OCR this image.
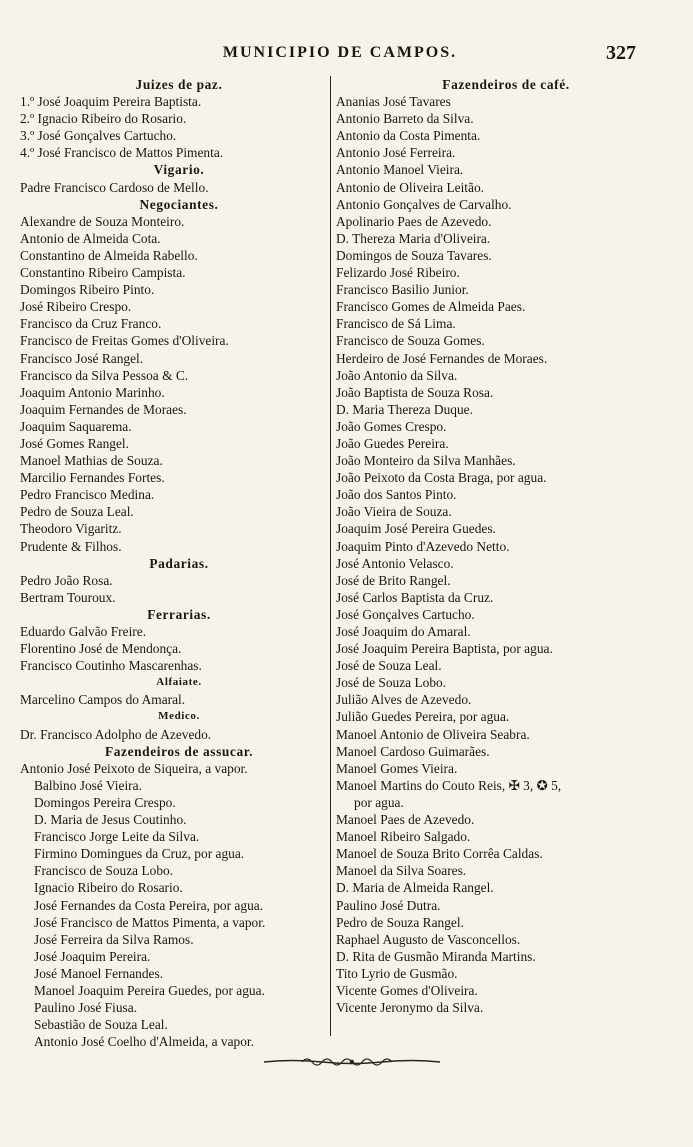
MUNICIPIO DE CAMPOS.	327
Juizes de paz.
1.º José Joaquim Pereira Baptista.
2.º Ignacio Ribeiro do Rosario.
3.º José Gonçalves Cartucho.
4.º José Francisco de Mattos Pimenta.
Vigario.
Padre Francisco Cardoso de Mello.
Negociantes.
Alexandre de Souza Monteiro.
Antonio de Almeida Cota.
Constantino de Almeida Rabello.
Constantino Ribeiro Campista.
Domingos Ribeiro Pinto.
José Ribeiro Crespo.
Francisco da Cruz Franco.
Francisco de Freitas Gomes d'Oliveira.
Francisco José Rangel.
Francisco da Silva Pessoa & C.
Joaquim Antonio Marinho.
Joaquim Fernandes de Moraes.
Joaquim Saquarema.
José Gomes Rangel.
Manoel Mathias de Souza.
Marcilio Fernandes Fortes.
Pedro Francisco Medina.
Pedro de Souza Leal.
Theodoro Vigaritz.
Prudente & Filhos.
Padarias.
Pedro João Rosa.
Bertram Touroux.
Ferrarias.
Eduardo Galvão Freire.
Florentino José de Mendonça.
Francisco Coutinho Mascarenhas.
Alfaiate.
Marcelino Campos do Amaral.
Medico.
Dr. Francisco Adolpho de Azevedo.
Fazendeiros de assucar.
Antonio José Peixoto de Siqueira, a vapor.
Balbino José Vieira.
Domingos Pereira Crespo.
D. Maria de Jesus Coutinho.
Francisco Jorge Leite da Silva.
Firmino Domingues da Cruz, por agua.
Francisco de Souza Lobo.
Ignacio Ribeiro do Rosario.
José Fernandes da Costa Pereira, por agua.
José Francisco de Mattos Pimenta, a vapor.
José Ferreira da Silva Ramos.
José Joaquim Pereira.
José Manoel Fernandes.
Manoel Joaquim Pereira Guedes, por agua.
Paulino José Fiusa.
Sebastião de Souza Leal.
Antonio José Coelho d'Almeida, a vapor.
Fazendeiros de café.
Ananias José Tavares
Antonio Barreto da Silva.
Antonio da Costa Pimenta.
Antonio José Ferreira.
Antonio Manoel Vieira.
Antonio de Oliveira Leitão.
Antonio Gonçalves de Carvalho.
Apolinario Paes de Azevedo.
D. Thereza Maria d'Oliveira.
Domingos de Souza Tavares.
Felizardo José Ribeiro.
Francisco Basilio Junior.
Francisco Gomes de Almeida Paes.
Francisco de Sá Lima.
Francisco de Souza Gomes.
Herdeiro de José Fernandes de Moraes.
João Antonio da Silva.
João Baptista de Souza Rosa.
D. Maria Thereza Duque.
João Gomes Crespo.
João Guedes Pereira.
João Monteiro da Silva Manhães.
João Peixoto da Costa Braga, por agua.
João dos Santos Pinto.
João Vieira de Souza.
Joaquim José Pereira Guedes.
Joaquim Pinto d'Azevedo Netto.
José Antonio Velasco.
José de Brito Rangel.
José Carlos Baptista da Cruz.
José Gonçalves Cartucho.
José Joaquim do Amaral.
José Joaquim Pereira Baptista, por agua.
José de Souza Leal.
José de Souza Lobo.
Julião Alves de Azevedo.
Julião Guedes Pereira, por agua.
Manoel Antonio de Oliveira Seabra.
Manoel Cardoso Guimarães.
Manoel Gomes Vieira.
Manoel Martins do Couto Reis, ✠ 3, ✪ 5,
por agua.
Manoel Paes de Azevedo.
Manoel Ribeiro Salgado.
Manoel de Souza Brito Corrêa Caldas.
Manoel da Silva Soares.
D. Maria de Almeida Rangel.
Paulino José Dutra.
Pedro de Souza Rangel.
Raphael Augusto de Vasconcellos.
D. Rita de Gusmão Miranda Martins.
Tito Lyrio de Gusmão.
Vicente Gomes d'Oliveira.
Vicente Jeronymo da Silva.
